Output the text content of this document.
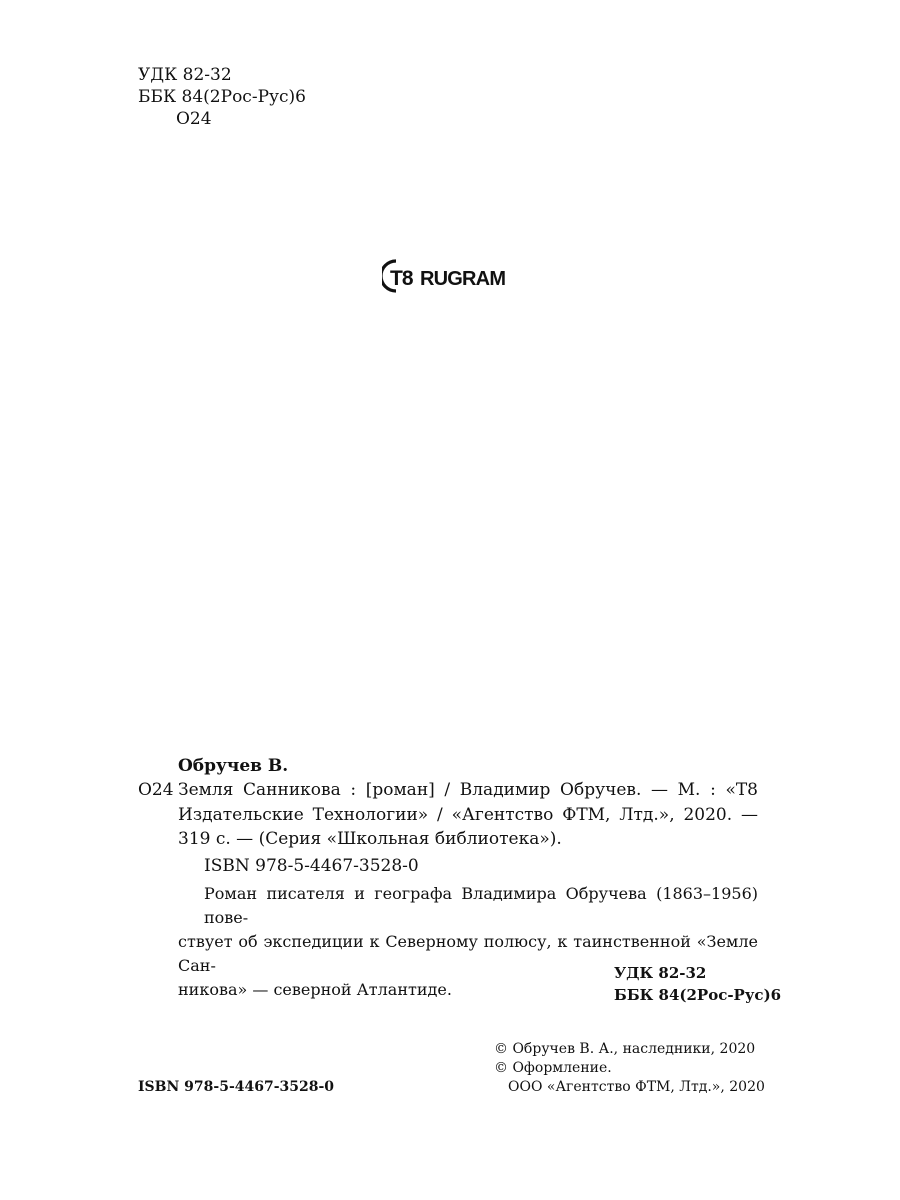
УДК 82-32
ББК 84(2Рос-Рус)6
О24
T8 RUGRAM
Обручев В.
О24 Земля Санникова : [роман] / Владимир Обручев. — М. : «Т8
Издательские Технологии» / «Агентство ФТМ, Лтд.», 2020. —
319 с. — (Серия «Школьная библиотека»).
ISBN 978-5-4467-3528-0
Роман писателя и географа Владимира Обручева (1863–1956) пове-
ствует об экспедиции к Северному полюсу, к таинственной «Земле Сан-
никова» — северной Атлантиде.
УДК 82-32
ББК 84(2Рос-Рус)6
© Обручев В. А., наследники, 2020
© Оформление.
ООО «Агентство ФТМ, Лтд.», 2020
ISBN 978-5-4467-3528-0
